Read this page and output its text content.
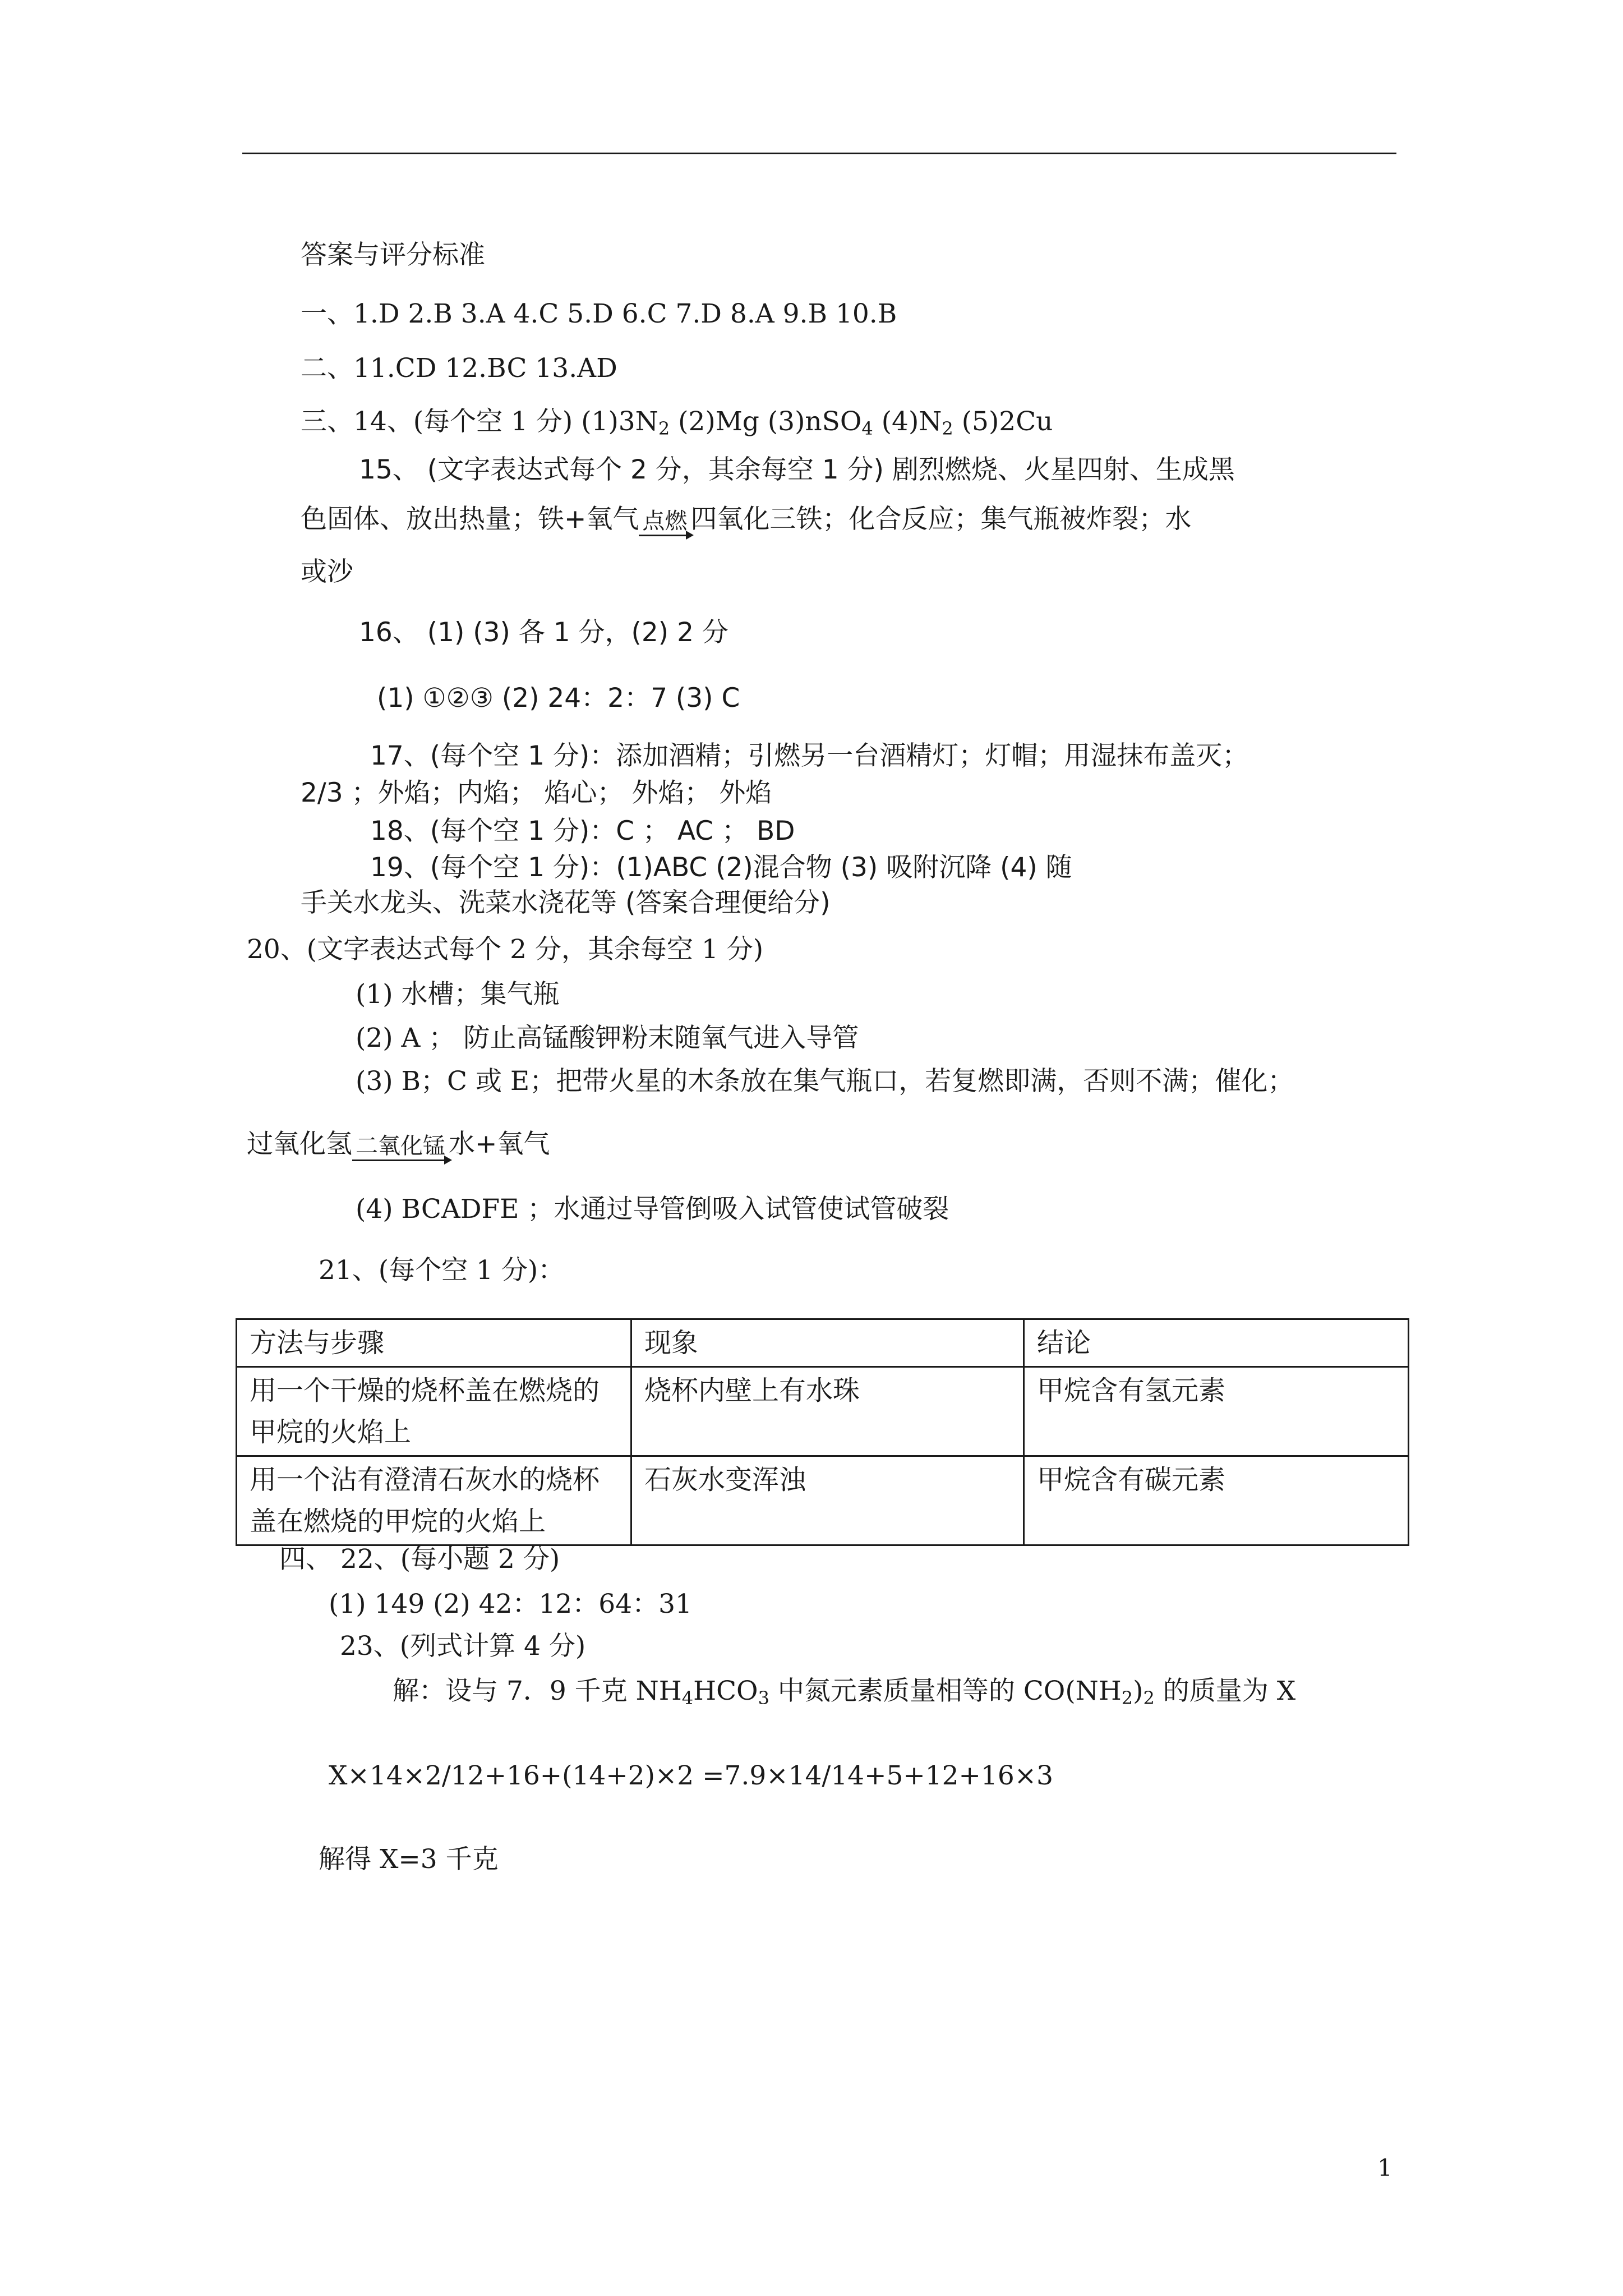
答案与评分标准
一、1.D 2.B 3.A 4.C 5.D 6.C 7.D 8.A 9.B 10.B
二、11.CD 12.BC 13.AD
三、14、(每个空 1 分) $(1)3N_2$ (2)Mg (3)nSO$_4$ $(4)N_2$ (5)2Cu
15、 (文字表达式每个 2 分，其余每空 1 分) 剧烈燃烧、火星四射、生成黑
色固体、放出热量；铁+氧气 点燃 四氧化三铁；化合反应；集气瓶被炸裂；水
或沙
16、 (1) (3) 各 1 分，(2) 2 分
(1) ①②③ (2) 24：2：7 (3) C
17、(每个空 1 分)：添加酒精；引燃另一台酒精灯；灯帽；用湿抹布盖灭；
2/3 ；外焰；内焰； 焰心； 外焰； 外焰
18、(每个空 1 分)：C ； AC ； BD
19、(每个空 1 分)：(1)ABC (2)混合物 (3) 吸附沉降 (4) 随
手关水龙头、洗菜水浇花等 (答案合理便给分)
20、(文字表达式每个 2 分，其余每空 1 分)
(1) 水槽；集气瓶
(2) A ； 防止高锰酸钾粉末随氧气进入导管
(3) B；C 或 E；把带火星的木条放在集气瓶口，若复燃即满，否则不满；催化；
过氧化氢 二氧化锰 水+氧气
(4) BCADFE ；水通过导管倒吸入试管使试管破裂
21、(每个空 1 分)：
方法与步骤	现象	结论
用一个干燥的烧杯盖在燃烧的甲烷的火焰上	烧杯内壁上有水珠	甲烷含有氢元素
用一个沾有澄清石灰水的烧杯盖在燃烧的甲烷的火焰上	石灰水变浑浊	甲烷含有碳元素
四、 22、(每小题 2 分)
(1) 149 (2) 42：12：64：31
23、(列式计算 4 分)
解：设与 7．9 千克 $NH_4HCO_3$ 中氮元素质量相等的 $CO(NH_2)_2$ 的质量为 X
X×14×2/12+16+(14+2)×2 =7.9×14/14+5+12+16×3
解得 X=3 千克
1
